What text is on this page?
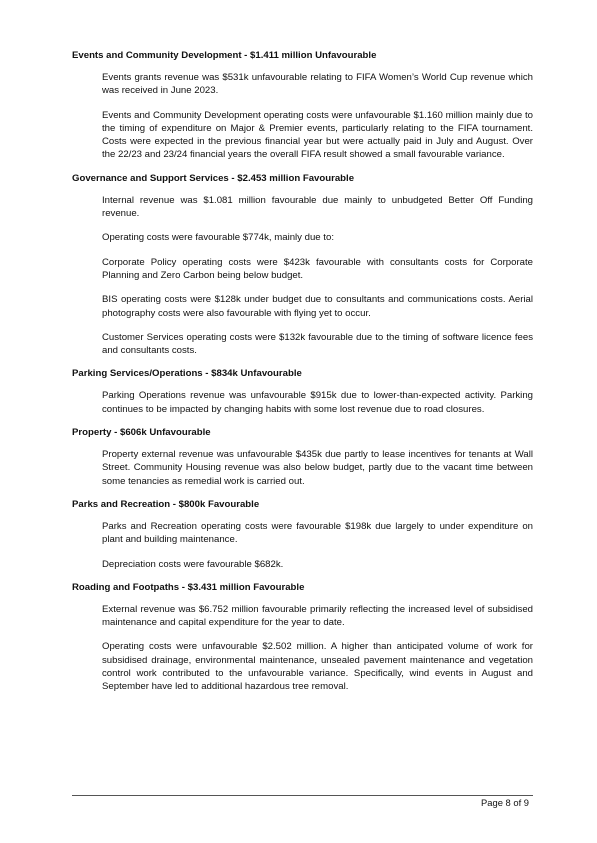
Events and Community Development - $1.411 million Unfavourable

Events grants revenue was $531k unfavourable relating to FIFA Women’s World Cup revenue which was received in June 2023.

Events and Community Development operating costs were unfavourable $1.160 million mainly due to the timing of expenditure on Major & Premier events, particularly relating to the FIFA tournament. Costs were expected in the previous financial year but were actually paid in July and August. Over the 22/23 and 23/24 financial years the overall FIFA result showed a small favourable variance.

Governance and Support Services - $2.453 million Favourable

Internal revenue was $1.081 million favourable due mainly to unbudgeted Better Off Funding revenue.

Operating costs were favourable $774k, mainly due to:

Corporate Policy operating costs were $423k favourable with consultants costs for Corporate Planning and Zero Carbon being below budget.

BIS operating costs were $128k under budget due to consultants and communications costs. Aerial photography costs were also favourable with flying yet to occur.

Customer Services operating costs were $132k favourable due to the timing of software licence fees and consultants costs.

Parking Services/Operations - $834k Unfavourable

Parking Operations revenue was unfavourable $915k due to lower-than-expected activity. Parking continues to be impacted by changing habits with some lost revenue due to road closures.

Property - $606k Unfavourable

Property external revenue was unfavourable $435k due partly to lease incentives for tenants at Wall Street. Community Housing revenue was also below budget, partly due to the vacant time between some tenancies as remedial work is carried out.

Parks and Recreation - $800k Favourable

Parks and Recreation operating costs were favourable $198k due largely to under expenditure on plant and building maintenance.

Depreciation costs were favourable $682k.

Roading and Footpaths - $3.431 million Favourable

External revenue was $6.752 million favourable primarily reflecting the increased level of subsidised maintenance and capital expenditure for the year to date.

Operating costs were unfavourable $2.502 million. A higher than anticipated volume of work for subsidised drainage, environmental maintenance, unsealed pavement maintenance and vegetation control work contributed to the unfavourable variance. Specifically, wind events in August and September have led to additional hazardous tree removal.

Page 8 of 9
